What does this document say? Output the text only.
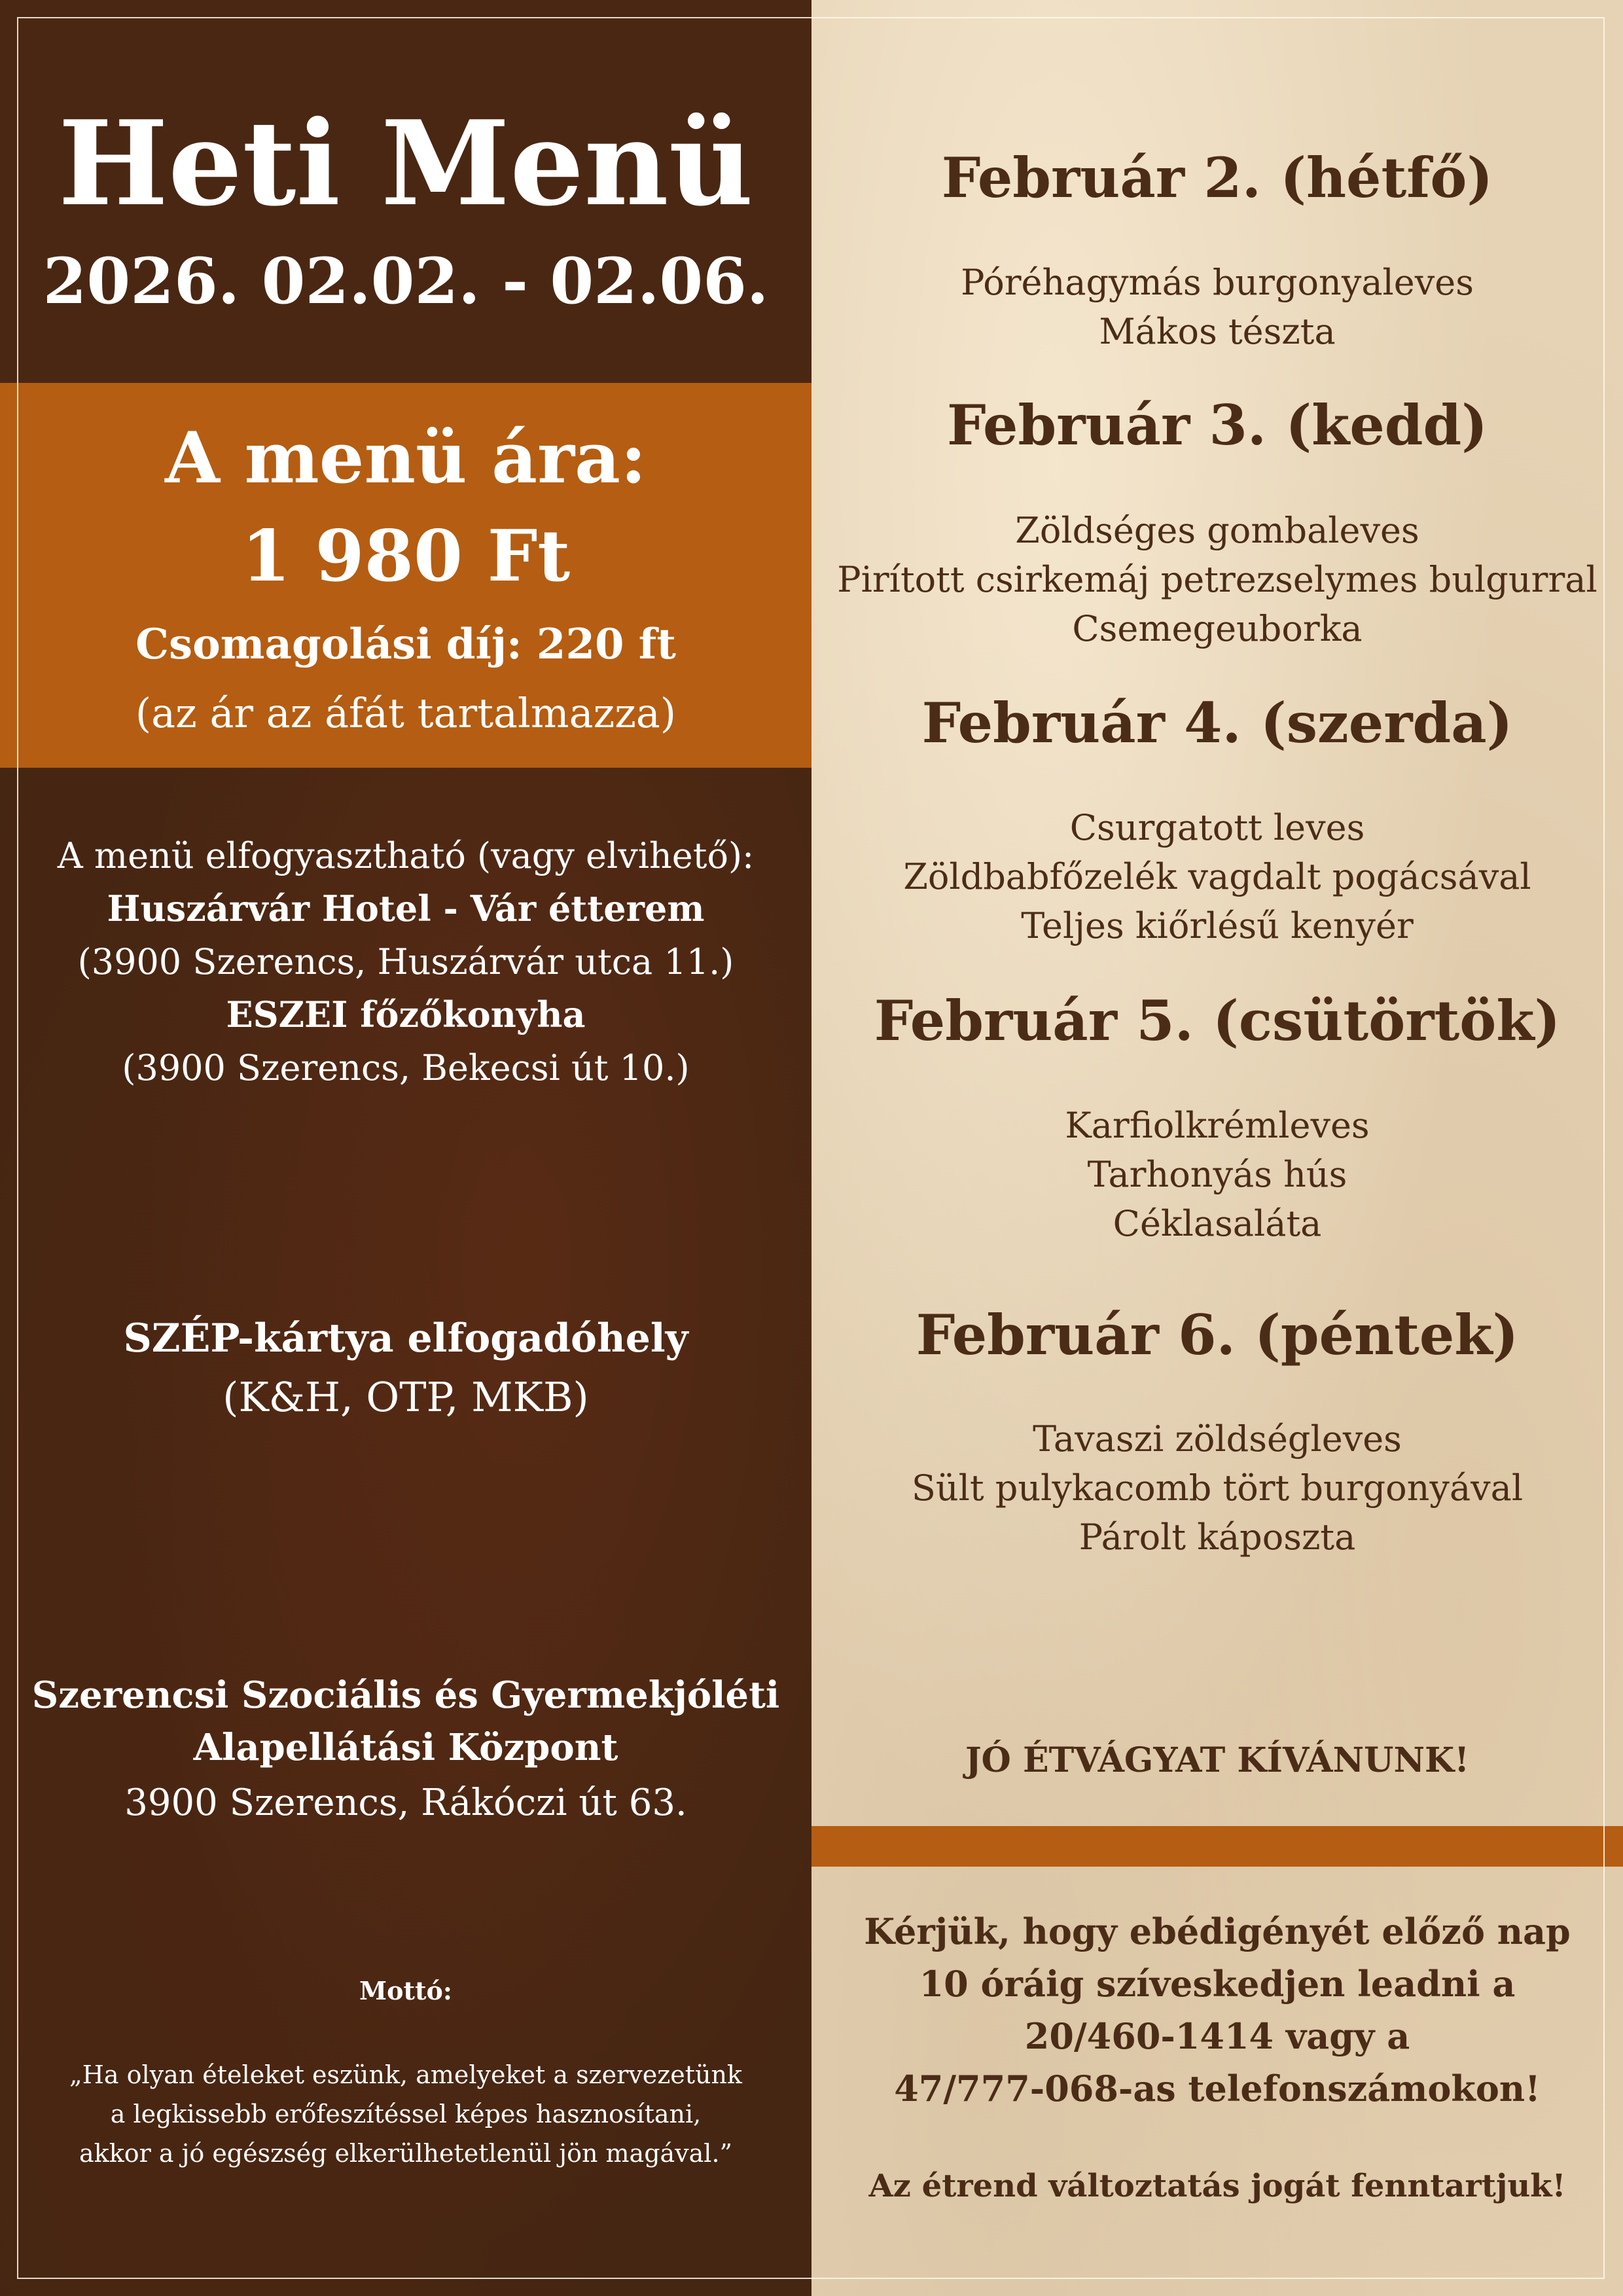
Heti Menü
2026. 02.02. - 02.06.
A menü ára:
1 980 Ft
Csomagolási díj: 220 ft
(az ár az áfát tartalmazza)
A menü elfogyasztható (vagy elvihető):
Huszárvár Hotel - Vár étterem
(3900 Szerencs, Huszárvár utca 11.)
ESZEI főzőkonyha
(3900 Szerencs, Bekecsi út 10.)
SZÉP-kártya elfogadóhely
(K&H, OTP, MKB)
Szerencsi Szociális és Gyermekjóléti
Alapellátási Központ
3900 Szerencs, Rákóczi út 63.
Mottó:
„Ha olyan ételeket eszünk, amelyeket a szervezetünk
a legkissebb erőfeszítéssel képes hasznosítani,
akkor a jó egészség elkerülhetetlenül jön magával.”
Február 2. (hétfő)
Póréhagymás burgonyaleves
Mákos tészta
Február 3. (kedd)
Zöldséges gombaleves
Pirított csirkemáj petrezselymes bulgurral
Csemegeuborka
Február 4. (szerda)
Csurgatott leves
Zöldbabfőzelék vagdalt pogácsával
Teljes kiőrlésű kenyér
Február 5. (csütörtök)
Karfiolkrémleves
Tarhonyás hús
Céklasaláta
Február 6. (péntek)
Tavaszi zöldségleves
Sült pulykacomb tört burgonyával
Párolt káposzta
JÓ ÉTVÁGYAT KÍVÁNUNK!
Kérjük, hogy ebédigényét előző nap
10 óráig szíveskedjen leadni a
20/460-1414 vagy a
47/777-068-as telefonszámokon!
Az étrend változtatás jogát fenntartjuk!
